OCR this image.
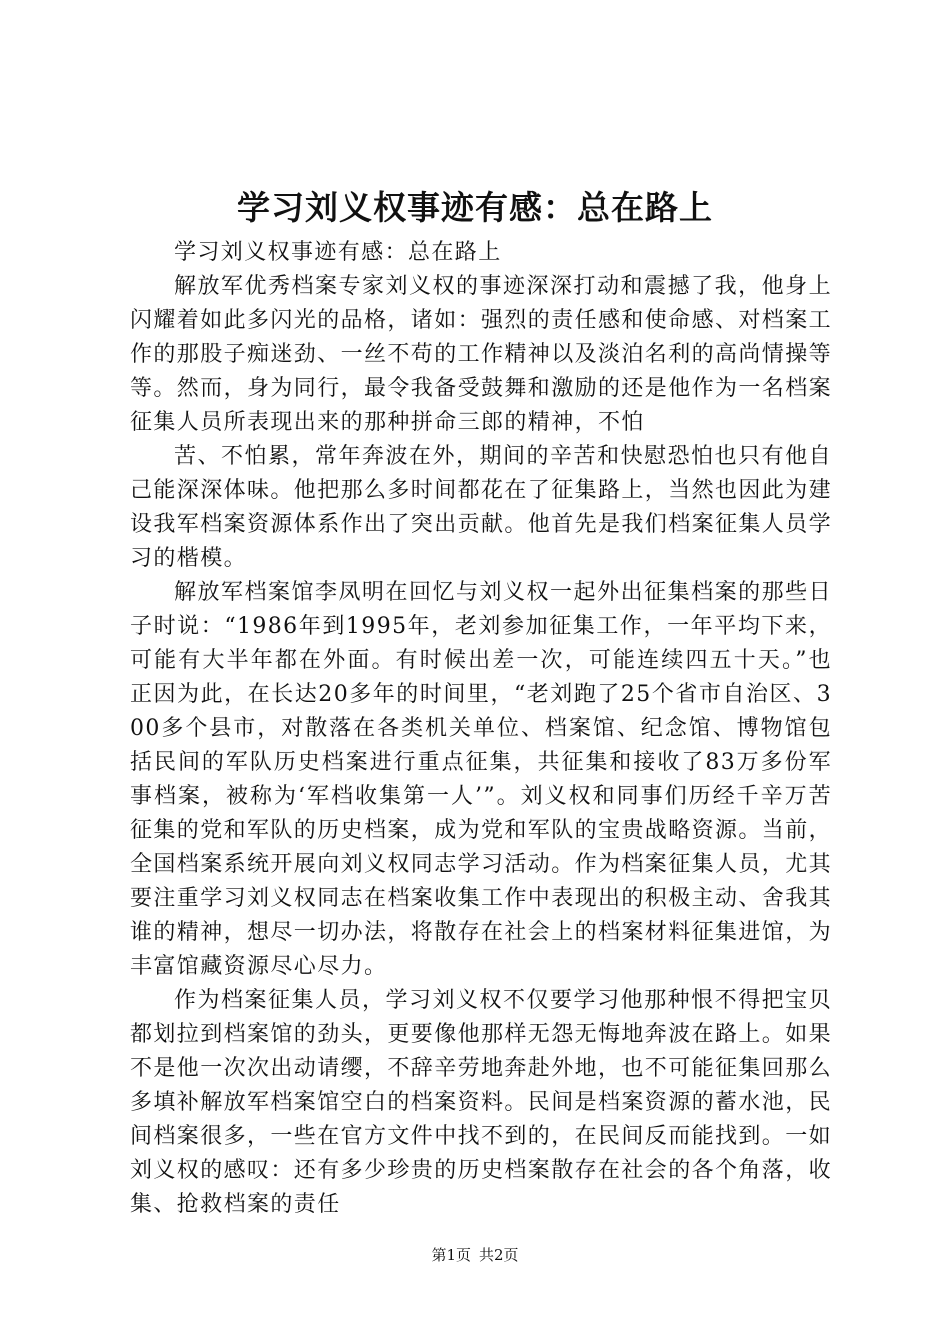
学习刘义权事迹有感：总在路上

学习刘义权事迹有感：总在路上

解放军优秀档案专家刘义权的事迹深深打动和震撼了我，他身上闪耀着如此多闪光的品格，诸如：强烈的责任感和使命感、对档案工作的那股子痴迷劲、一丝不苟的工作精神以及淡泊名利的高尚情操等等。然而，身为同行，最令我备受鼓舞和激励的还是他作为一名档案征集人员所表现出来的那种拼命三郎的精神，不怕

苦、不怕累，常年奔波在外，期间的辛苦和快慰恐怕也只有他自己能深深体味。他把那么多时间都花在了征集路上，当然也因此为建设我军档案资源体系作出了突出贡献。他首先是我们档案征集人员学习的楷模。

解放军档案馆李凤明在回忆与刘义权一起外出征集档案的那些日子时说：“1986年到1995年，老刘参加征集工作，一年平均下来，可能有大半年都在外面。有时候出差一次，可能连续四五十天。”也正因为此，在长达20多年的时间里，“老刘跑了25个省市自治区、300多个县市，对散落在各类机关单位、档案馆、纪念馆、博物馆包括民间的军队历史档案进行重点征集，共征集和接收了83万多份军事档案，被称为‘军档收集第一人’”。刘义权和同事们历经千辛万苦征集的党和军队的历史档案，成为党和军队的宝贵战略资源。当前，全国档案系统开展向刘义权同志学习活动。作为档案征集人员，尤其要注重学习刘义权同志在档案收集工作中表现出的积极主动、舍我其谁的精神，想尽一切办法，将散存在社会上的档案材料征集进馆，为丰富馆藏资源尽心尽力。

作为档案征集人员，学习刘义权不仅要学习他那种恨不得把宝贝都划拉到档案馆的劲头，更要像他那样无怨无悔地奔波在路上。如果不是他一次次出动请缨，不辞辛劳地奔赴外地，也不可能征集回那么多填补解放军档案馆空白的档案资料。民间是档案资源的蓄水池，民间档案很多，一些在官方文件中找不到的，在民间反而能找到。一如刘义权的感叹：还有多少珍贵的历史档案散存在社会的各个角落，收集、抢救档案的责任

第1页 共2页
